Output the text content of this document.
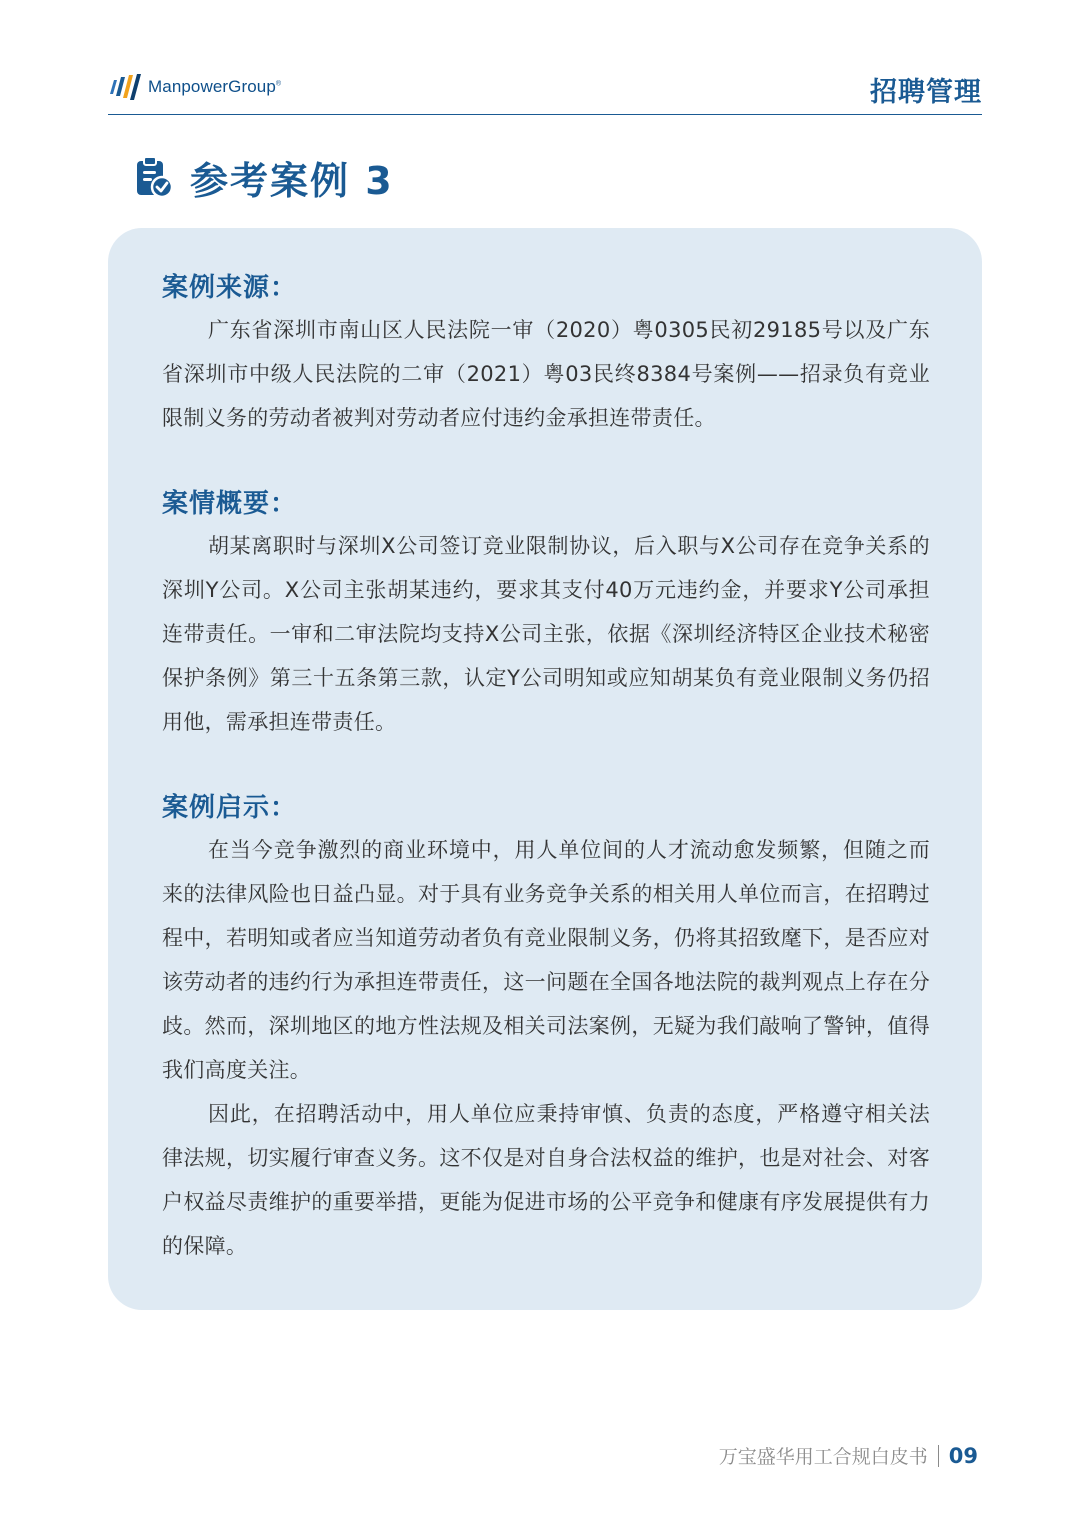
ManpowerGroup®	招聘管理
参考案例 3
案例来源：

广东省深圳市南山区人民法院一审（2020）粤0305民初29185号以及广东省深圳市中级人民法院的二审（2021）粤03民终8384号案例——招录负有竞业限制义务的劳动者被判对劳动者应付违约金承担连带责任。

案情概要：

胡某离职时与深圳X公司签订竞业限制协议，后入职与X公司存在竞争关系的深圳Y公司。X公司主张胡某违约，要求其支付40万元违约金，并要求Y公司承担连带责任。一审和二审法院均支持X公司主张，依据《深圳经济特区企业技术秘密保护条例》第三十五条第三款，认定Y公司明知或应知胡某负有竞业限制义务仍招用他，需承担连带责任。

案例启示：

在当今竞争激烈的商业环境中，用人单位间的人才流动愈发频繁，但随之而来的法律风险也日益凸显。对于具有业务竞争关系的相关用人单位而言，在招聘过程中，若明知或者应当知道劳动者负有竞业限制义务，仍将其招致麾下，是否应对该劳动者的违约行为承担连带责任，这一问题在全国各地法院的裁判观点上存在分歧。然而，深圳地区的地方性法规及相关司法案例，无疑为我们敲响了警钟，值得我们高度关注。

因此，在招聘活动中，用人单位应秉持审慎、负责的态度，严格遵守相关法律法规，切实履行审查义务。这不仅是对自身合法权益的维护，也是对社会、对客户权益尽责维护的重要举措，更能为促进市场的公平竞争和健康有序发展提供有力的保障。

万宝盛华用工合规白皮书 09
